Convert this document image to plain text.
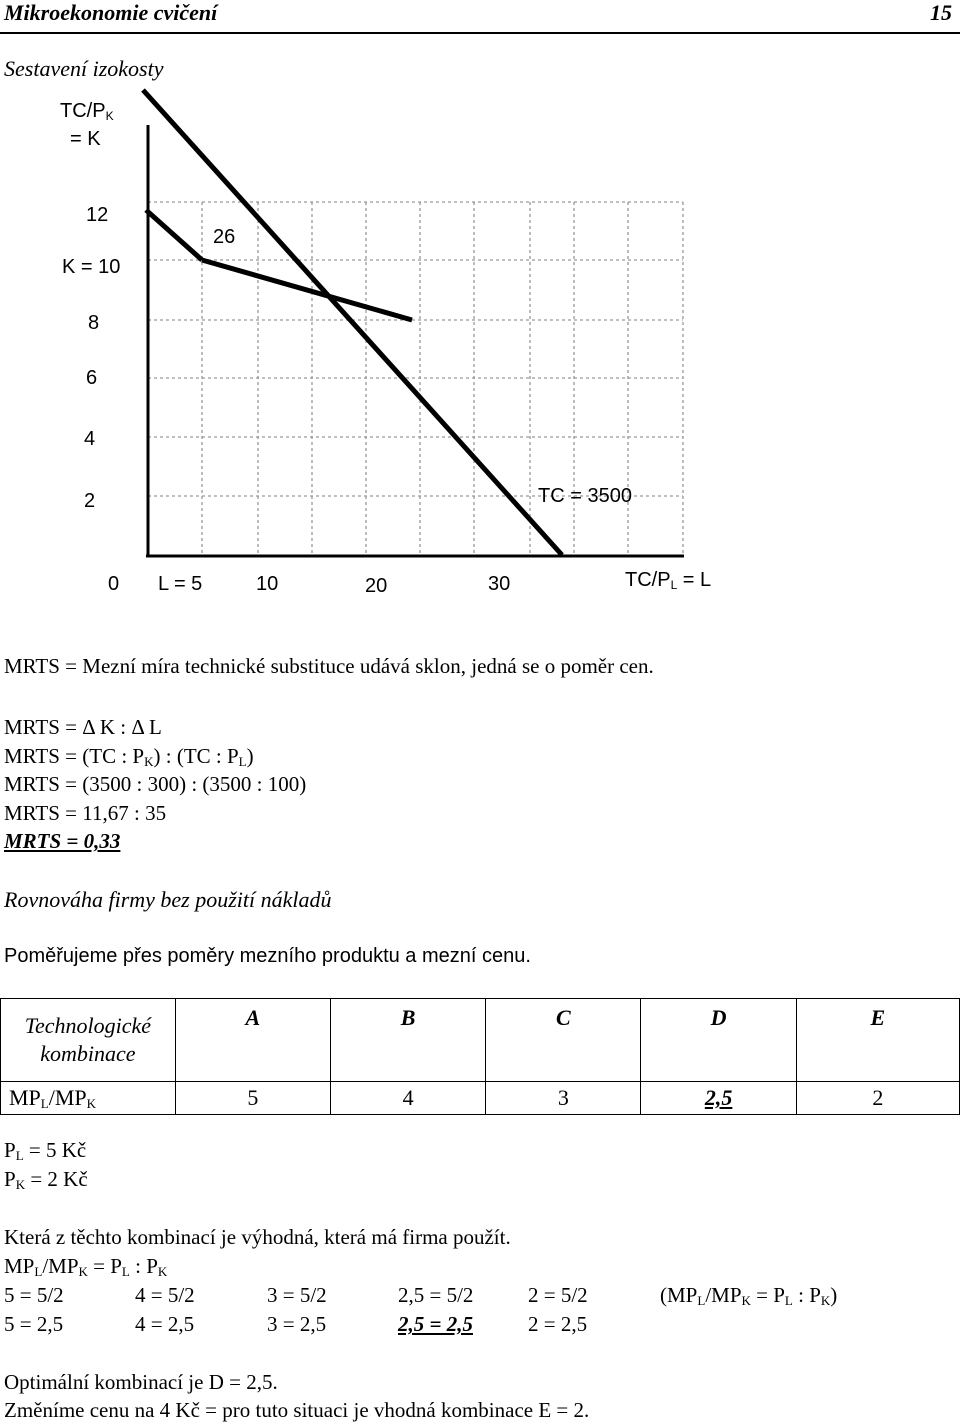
Mikroekonomie cvičení	15
Sestavení izokosty
$TC/P_K$
= K
12
K = 10
8
6
4
2
26
TC = 3500
0 L = 5	10	20	30	$TC/P_L = L$
MRTS = Mezní míra technické substituce udává sklon, jedná se o poměr cen.
MRTS = Δ K : Δ L
MRTS = (TC : $P_K$) : (TC : $P_L$)
MRTS = (3500 : 300) : (3500 : 100)
MRTS = 11,67 : 35
MRTS = 0,33
Rovnováha firmy bez použití nákladů
Poměřujeme přes poměry mezního produktu a mezní cenu.
Technologické
kombinace	A	B	C	D	E
$MP_L/MP_K$	5	4	3	2,5	2
$P_L = 5$ Kč
$P_K = 2$ Kč
Která z těchto kombinací je výhodná, která má firma použít.
$MP_L/MP_K = P_L$ : $P_K$
5 = 5/2	4 = 5/2	3 = 5/2	2,5 = 5/2	2 = 5/2	($MP_L/MP_K = P_L$ : $P_K$)
5 = 2,5	4 = 2,5	3 = 2,5	2,5 = 2,5	2 = 2,5
Optimální kombinací je D = 2,5.
Změníme cenu na 4 Kč = pro tuto situaci je vhodná kombinace E = 2.
